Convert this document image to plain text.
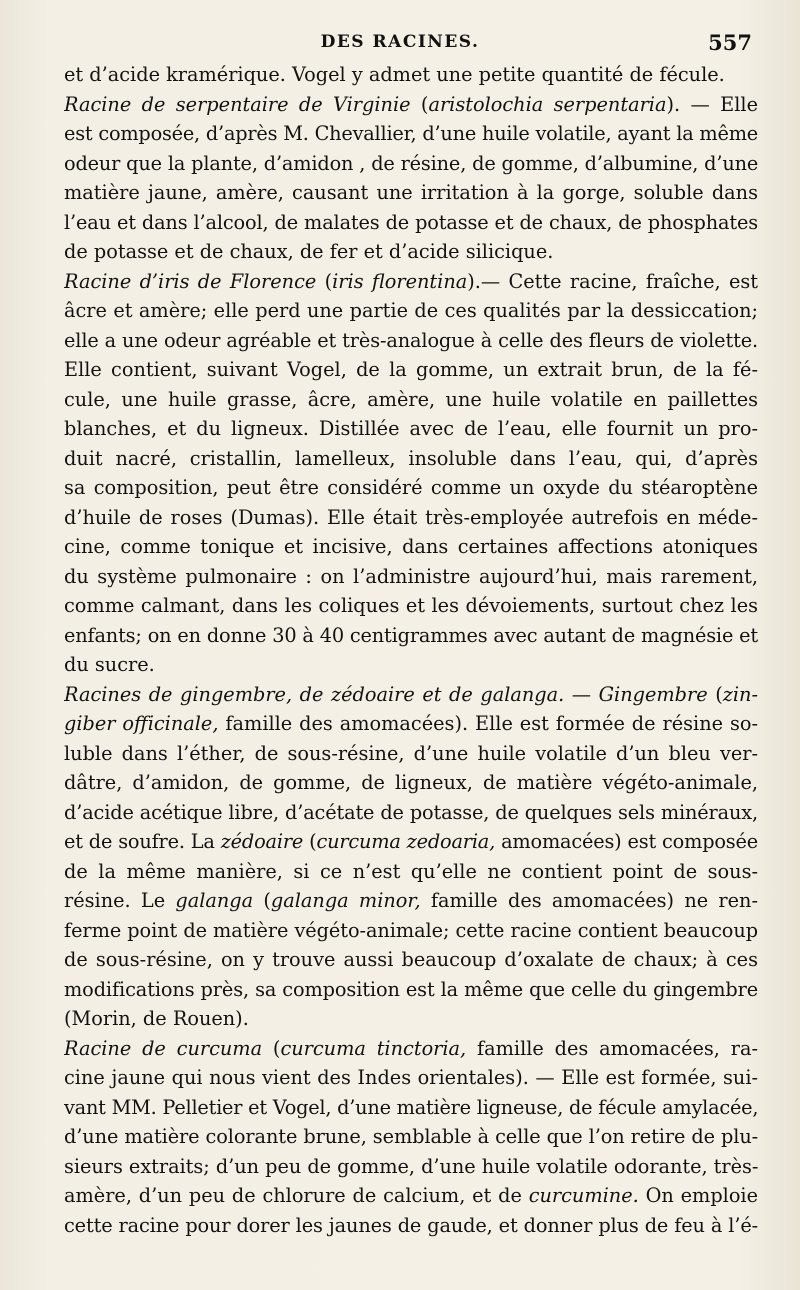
DES RACINES.	557
et d’acide kramérique. Vogel y admet une petite quantité de fécule.
Racine de serpentaire de Virginie (aristolochia serpentaria). — Elle
est composée, d’après M. Chevallier, d’une huile volatile, ayant la même
odeur que la plante, d’amidon , de résine, de gomme, d’albumine, d’une
matière jaune, amère, causant une irritation à la gorge, soluble dans
l’eau et dans l’alcool, de malates de potasse et de chaux, de phosphates
de potasse et de chaux, de fer et d’acide silicique.
Racine d’iris de Florence (iris florentina).— Cette racine, fraîche, est
âcre et amère; elle perd une partie de ces qualités par la dessiccation;
elle a une odeur agréable et très-analogue à celle des fleurs de violette.
Elle contient, suivant Vogel, de la gomme, un extrait brun, de la fé-
cule, une huile grasse, âcre, amère, une huile volatile en paillettes
blanches, et du ligneux. Distillée avec de l’eau, elle fournit un pro-
duit nacré, cristallin, lamelleux, insoluble dans l’eau, qui, d’après
sa composition, peut être considéré comme un oxyde du stéaroptène
d’huile de roses (Dumas). Elle était très-employée autrefois en méde-
cine, comme tonique et incisive, dans certaines affections atoniques
du système pulmonaire : on l’administre aujourd’hui, mais rarement,
comme calmant, dans les coliques et les dévoiements, surtout chez les
enfants; on en donne 30 à 40 centigrammes avec autant de magnésie et
du sucre.
Racines de gingembre, de zédoaire et de galanga. — Gingembre (zin-
giber officinale, famille des amomacées). Elle est formée de résine so-
luble dans l’éther, de sous-résine, d’une huile volatile d’un bleu ver-
dâtre, d’amidon, de gomme, de ligneux, de matière végéto-animale,
d’acide acétique libre, d’acétate de potasse, de quelques sels minéraux,
et de soufre. La zédoaire (curcuma zedoaria, amomacées) est composée
de la même manière, si ce n’est qu’elle ne contient point de sous-
résine. Le galanga (galanga minor, famille des amomacées) ne ren-
ferme point de matière végéto-animale; cette racine contient beaucoup
de sous-résine, on y trouve aussi beaucoup d’oxalate de chaux; à ces
modifications près, sa composition est la même que celle du gingembre
(Morin, de Rouen).
Racine de curcuma (curcuma tinctoria, famille des amomacées, ra-
cine jaune qui nous vient des Indes orientales). — Elle est formée, sui-
vant MM. Pelletier et Vogel, d’une matière ligneuse, de fécule amylacée,
d’une matière colorante brune, semblable à celle que l’on retire de plu-
sieurs extraits; d’un peu de gomme, d’une huile volatile odorante, très-
amère, d’un peu de chlorure de calcium, et de curcumine. On emploie
cette racine pour dorer les jaunes de gaude, et donner plus de feu à l’é-
